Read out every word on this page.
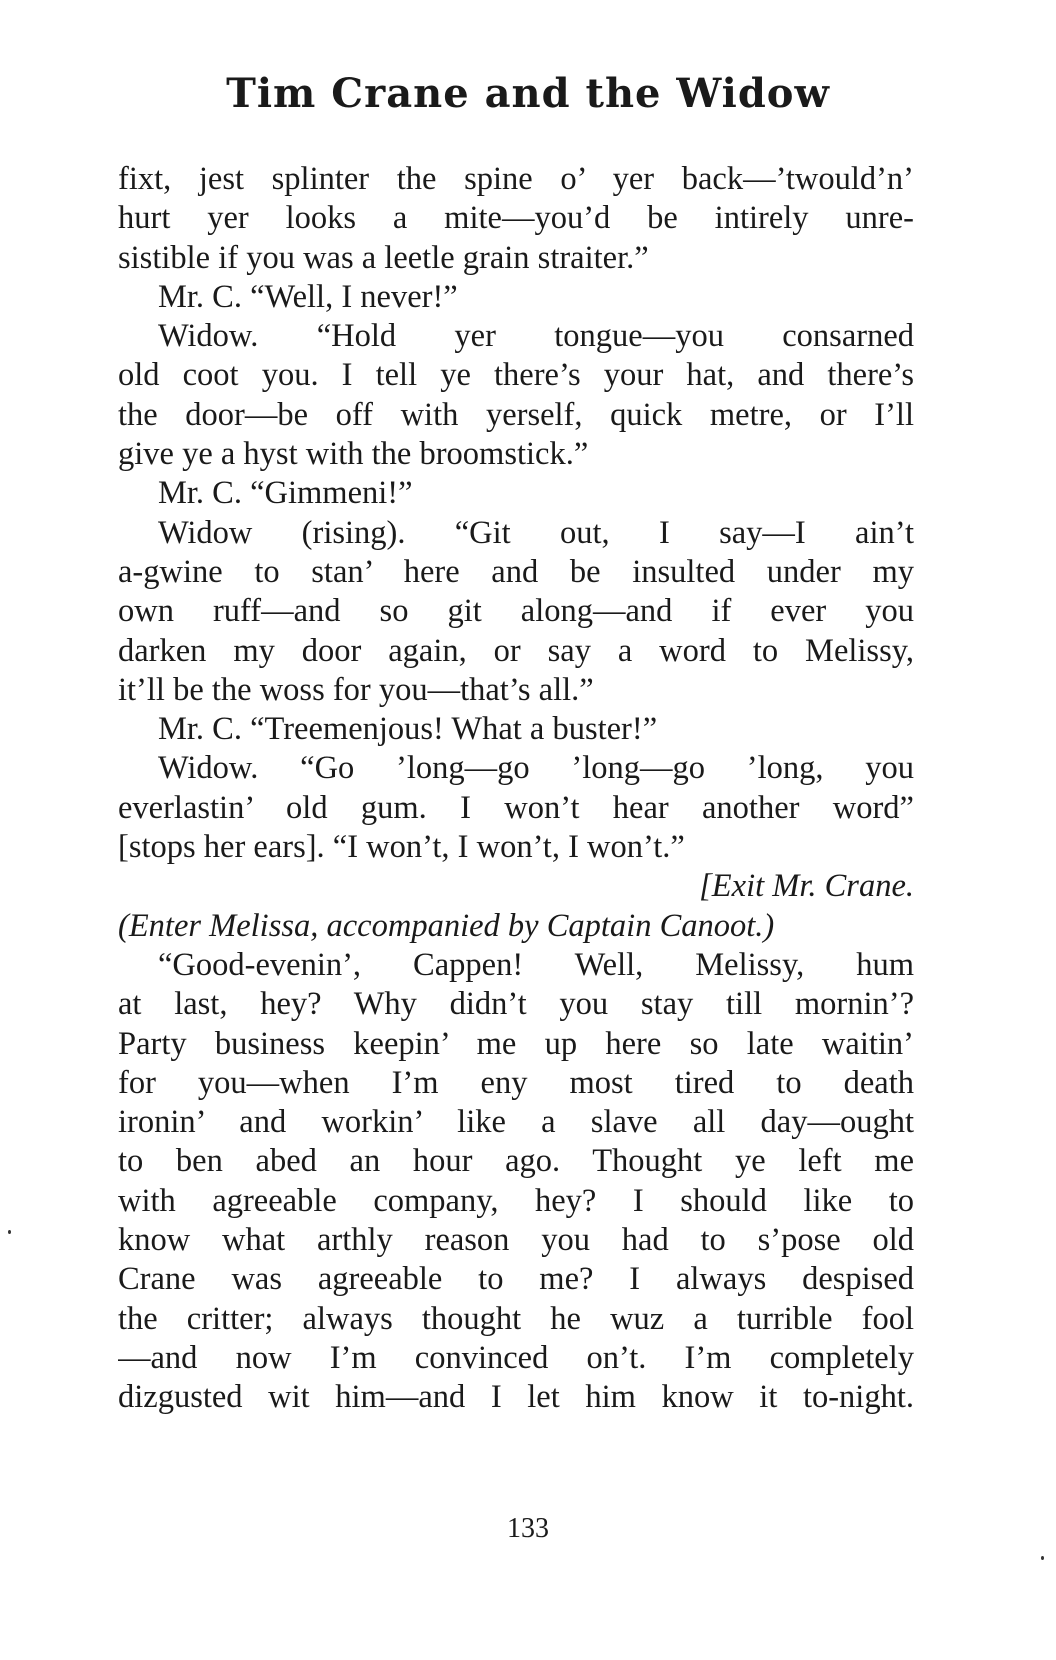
Tim Crane and the Widow
fixt, jest splinter the spine o’ yer back—’twould’n’
hurt yer looks a mite—you’d be intirely unre-
sistible if you was a leetle grain straiter.”
Mr. C. “Well, I never!”
Widow. “Hold yer tongue—you consarned
old coot you. I tell ye there’s your hat, and there’s
the door—be off with yerself, quick metre, or I’ll
give ye a hyst with the broomstick.”
Mr. C. “Gimmeni!”
Widow (rising). “Git out, I say—I ain’t
a-gwine to stan’ here and be insulted under my
own ruff—and so git along—and if ever you
darken my door again, or say a word to Melissy,
it’ll be the woss for you—that’s all.”
Mr. C. “Treemenjous! What a buster!”
Widow. “Go ’long—go ’long—go ’long, you
everlastin’ old gum. I won’t hear another word”
[stops her ears]. “I won’t, I won’t, I won’t.”
[Exit Mr. Crane.
(Enter Melissa, accompanied by Captain Canoot.)
“Good-evenin’, Cappen! Well, Melissy, hum
at last, hey? Why didn’t you stay till mornin’?
Party business keepin’ me up here so late waitin’
for you—when I’m eny most tired to death
ironin’ and workin’ like a slave all day—ought
to ben abed an hour ago. Thought ye left me
with agreeable company, hey? I should like to
know what arthly reason you had to s’pose old
Crane was agreeable to me? I always despised
the critter; always thought he wuz a turrible fool
—and now I’m convinced on’t. I’m completely
dizgusted wit him—and I let him know it to-night.
133
